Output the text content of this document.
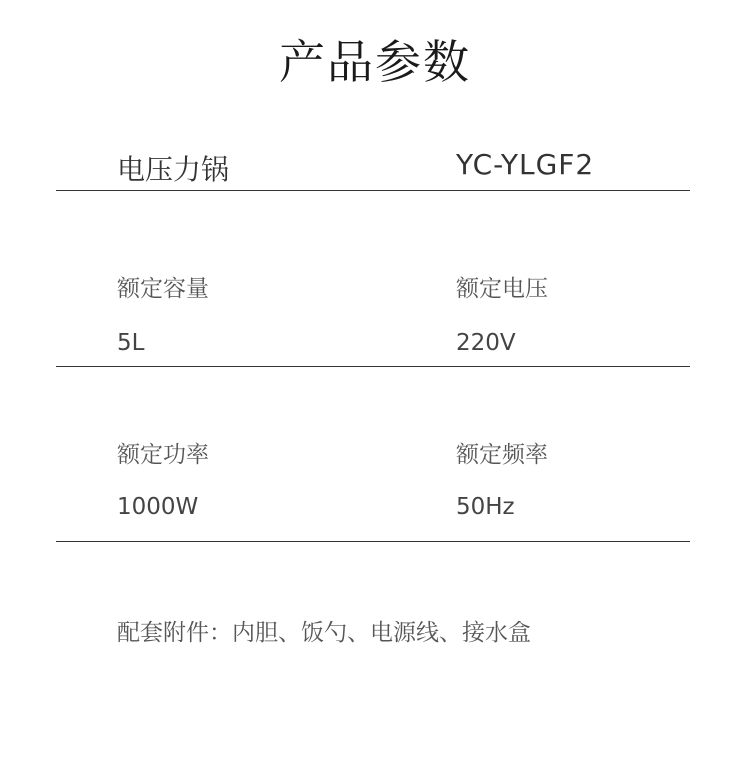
产品参数
电压力锅	YC-YLGF2
额定容量
5L
额定电压
220V
额定功率
1000W
额定频率
50Hz
配套附件：内胆、饭勺、电源线、接水盒
